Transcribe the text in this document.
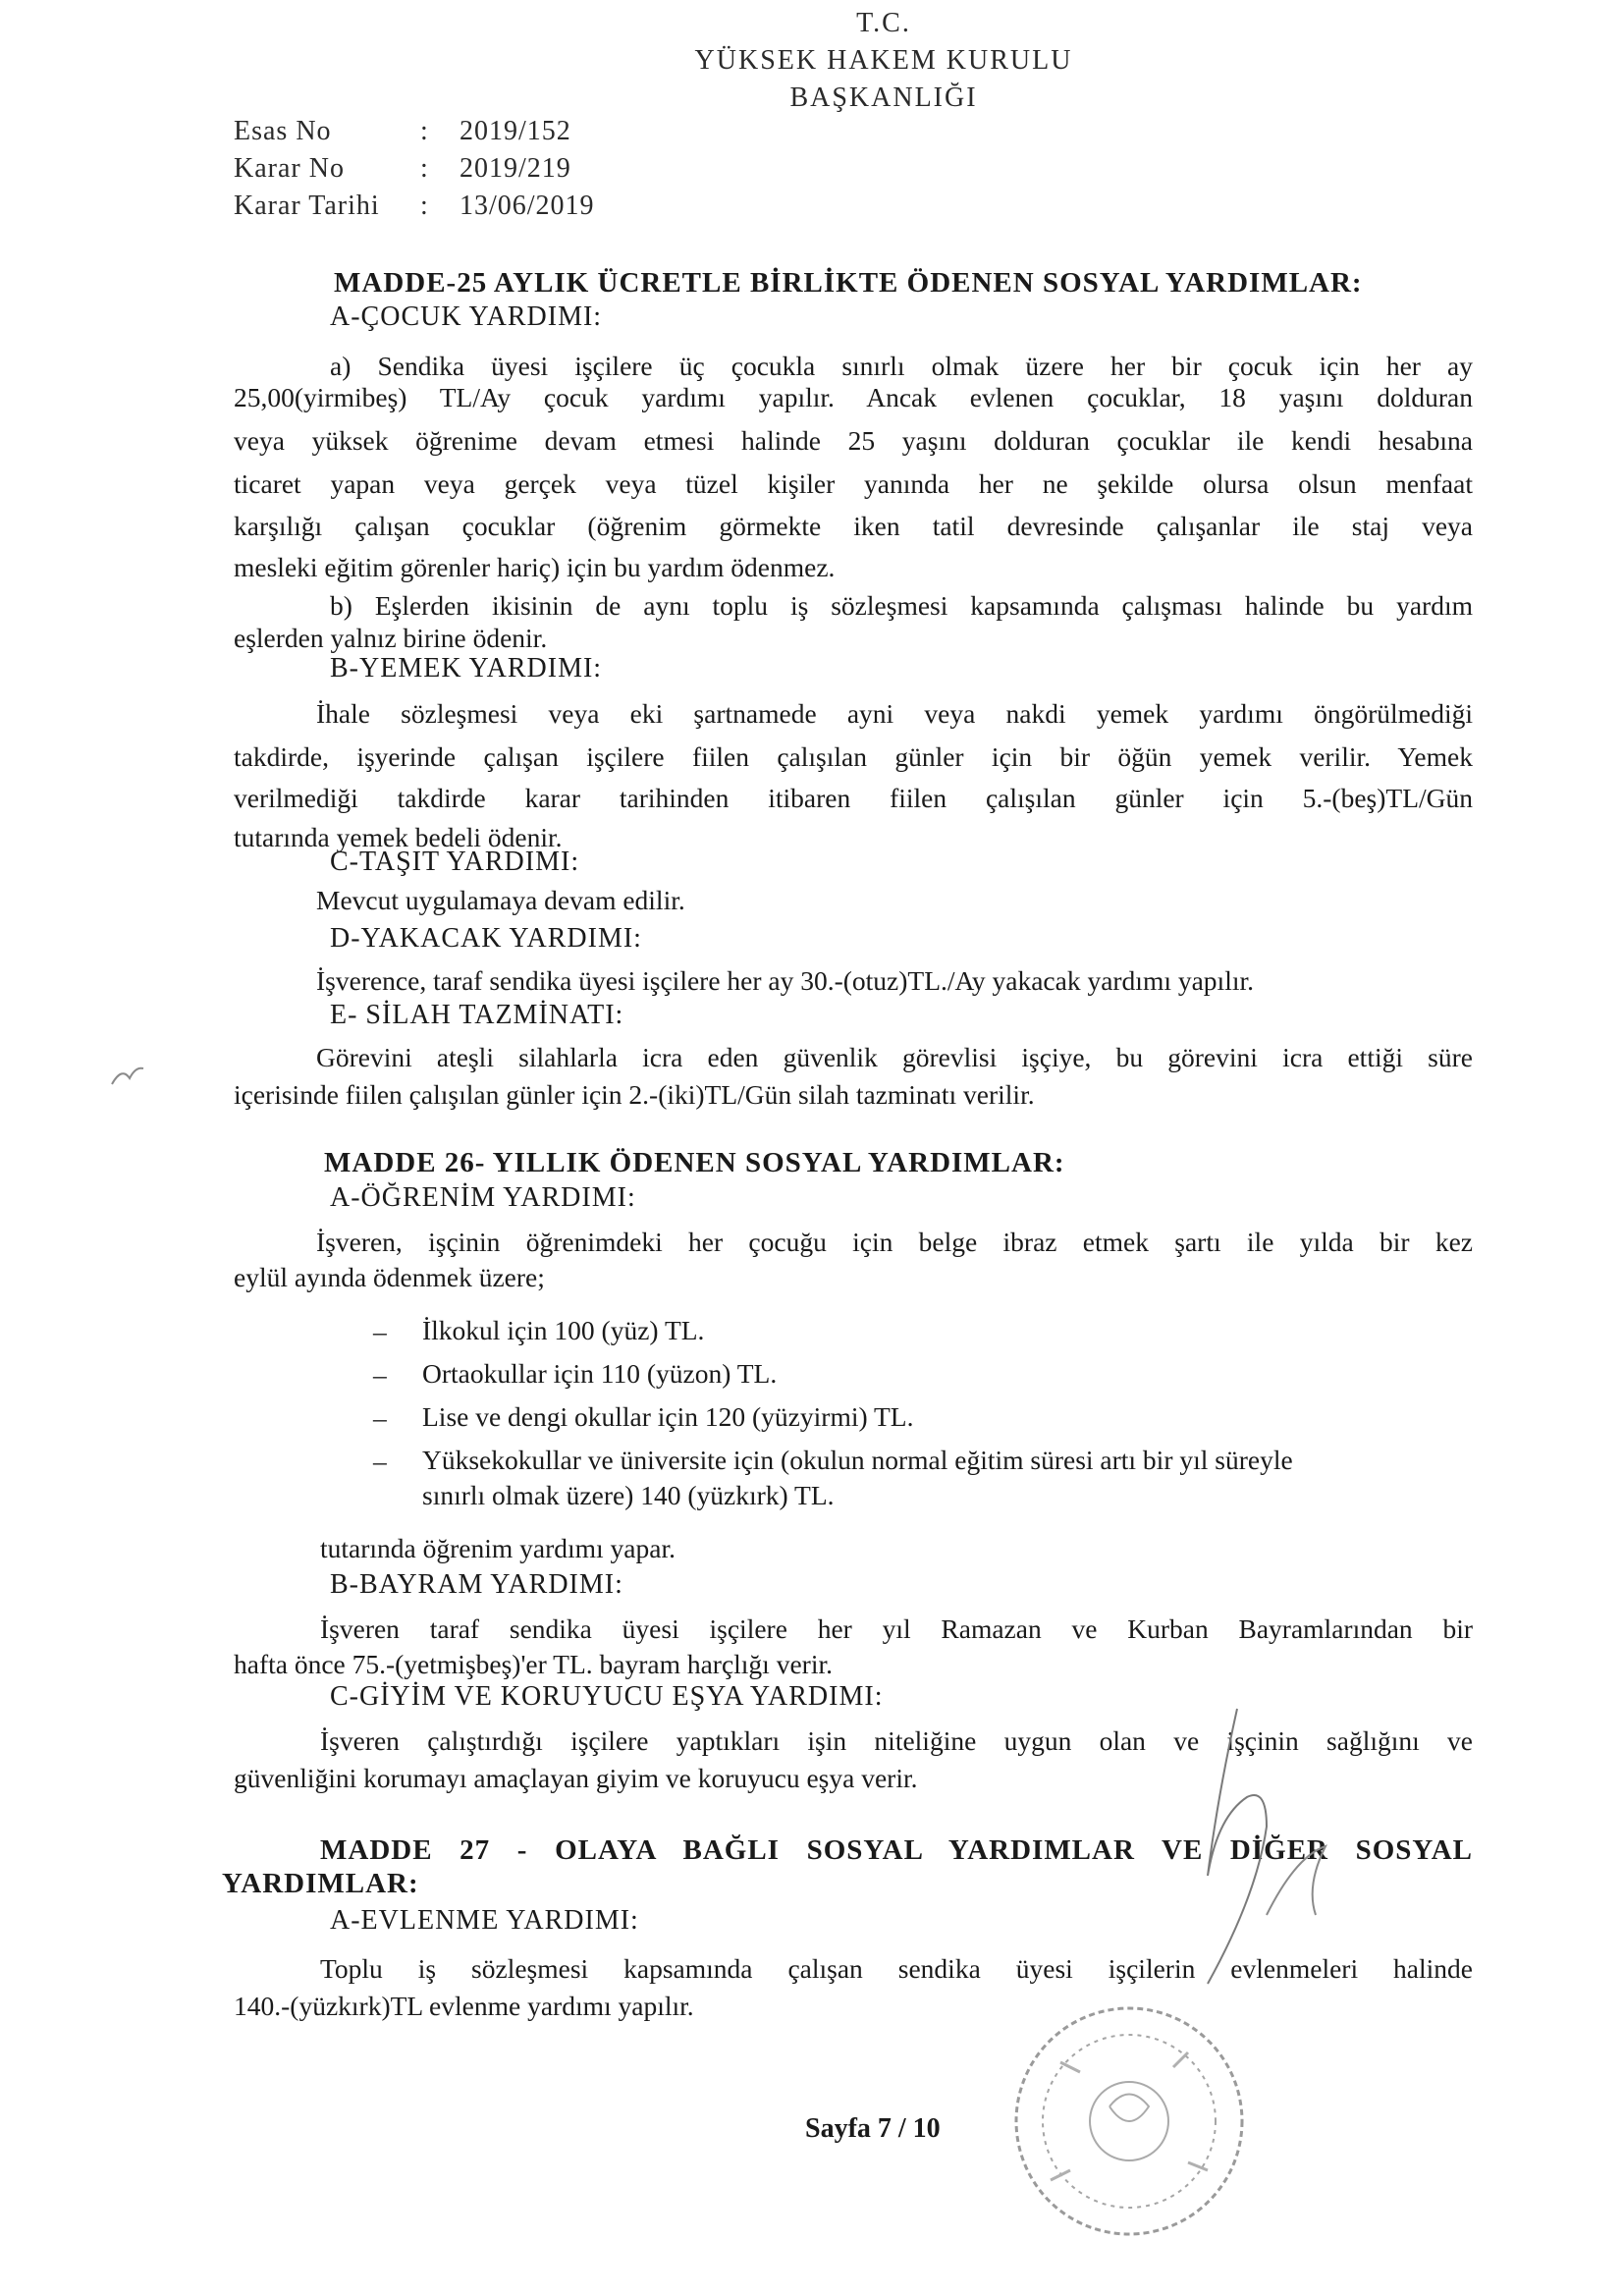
T.C.
YÜKSEK HAKEM KURULU
BAŞKANLIĞI
Esas No	: 2019/152
Karar No	: 2019/219
Karar Tarihi : 13/06/2019
MADDE-25 AYLIK ÜCRETLE BİRLİKTE ÖDENEN SOSYAL YARDIMLAR:
A-ÇOCUK YARDIMI:
a) Sendika üyesi işçilere üç çocukla sınırlı olmak üzere her bir çocuk için her ay
25,00(yirmibeş) TL/Ay çocuk yardımı yapılır. Ancak evlenen çocuklar, 18 yaşını dolduran
veya yüksek öğrenime devam etmesi halinde 25 yaşını dolduran çocuklar ile kendi hesabına
ticaret yapan veya gerçek veya tüzel kişiler yanında her ne şekilde olursa olsun menfaat
karşılığı çalışan çocuklar (öğrenim görmekte iken tatil devresinde çalışanlar ile staj veya
mesleki eğitim görenler hariç) için bu yardım ödenmez.
b) Eşlerden ikisinin de aynı toplu iş sözleşmesi kapsamında çalışması halinde bu yardım
eşlerden yalnız birine ödenir.
B-YEMEK YARDIMI:
İhale sözleşmesi veya eki şartnamede ayni veya nakdi yemek yardımı öngörülmediği
takdirde, işyerinde çalışan işçilere fiilen çalışılan günler için bir öğün yemek verilir. Yemek
verilmediği takdirde karar tarihinden itibaren fiilen çalışılan günler için 5.-(beş)TL/Gün
tutarında yemek bedeli ödenir.
C-TAŞIT YARDIMI:
Mevcut uygulamaya devam edilir.
D-YAKACAK YARDIMI:
İşverence, taraf sendika üyesi işçilere her ay 30.-(otuz)TL./Ay yakacak yardımı yapılır.
E- SİLAH TAZMİNATI:
Görevini ateşli silahlarla icra eden güvenlik görevlisi işçiye, bu görevini icra ettiği süre
içerisinde fiilen çalışılan günler için 2.-(iki)TL/Gün silah tazminatı verilir.
MADDE 26- YILLIK ÖDENEN SOSYAL YARDIMLAR:
A-ÖĞRENİM YARDIMI:
İşveren, işçinin öğrenimdeki her çocuğu için belge ibraz etmek şartı ile yılda bir kez
eylül ayında ödenmek üzere;
– İlkokul için 100 (yüz) TL.
– Ortaokullar için 110 (yüzon) TL.
– Lise ve dengi okullar için 120 (yüzyirmi) TL.
– Yüksekokullar ve üniversite için (okulun normal eğitim süresi artı bir yıl süreyle
sınırlı olmak üzere) 140 (yüzkırk) TL.
tutarında öğrenim yardımı yapar.
B-BAYRAM YARDIMI:
İşveren taraf sendika üyesi işçilere her yıl Ramazan ve Kurban Bayramlarından bir
hafta önce 75.-(yetmişbeş)'er TL. bayram harçlığı verir.
C-GİYİM VE KORUYUCU EŞYA YARDIMI:
İşveren çalıştırdığı işçilere yaptıkları işin niteliğine uygun olan ve işçinin sağlığını ve
güvenliğini korumayı amaçlayan giyim ve koruyucu eşya verir.
MADDE 27 - OLAYA BAĞLI SOSYAL YARDIMLAR VE DİĞER SOSYAL
YARDIMLAR:
A-EVLENME YARDIMI:
Toplu iş sözleşmesi kapsamında çalışan sendika üyesi işçilerin evlenmeleri halinde
140.-(yüzkırk)TL evlenme yardımı yapılır.
Sayfa 7 / 10
